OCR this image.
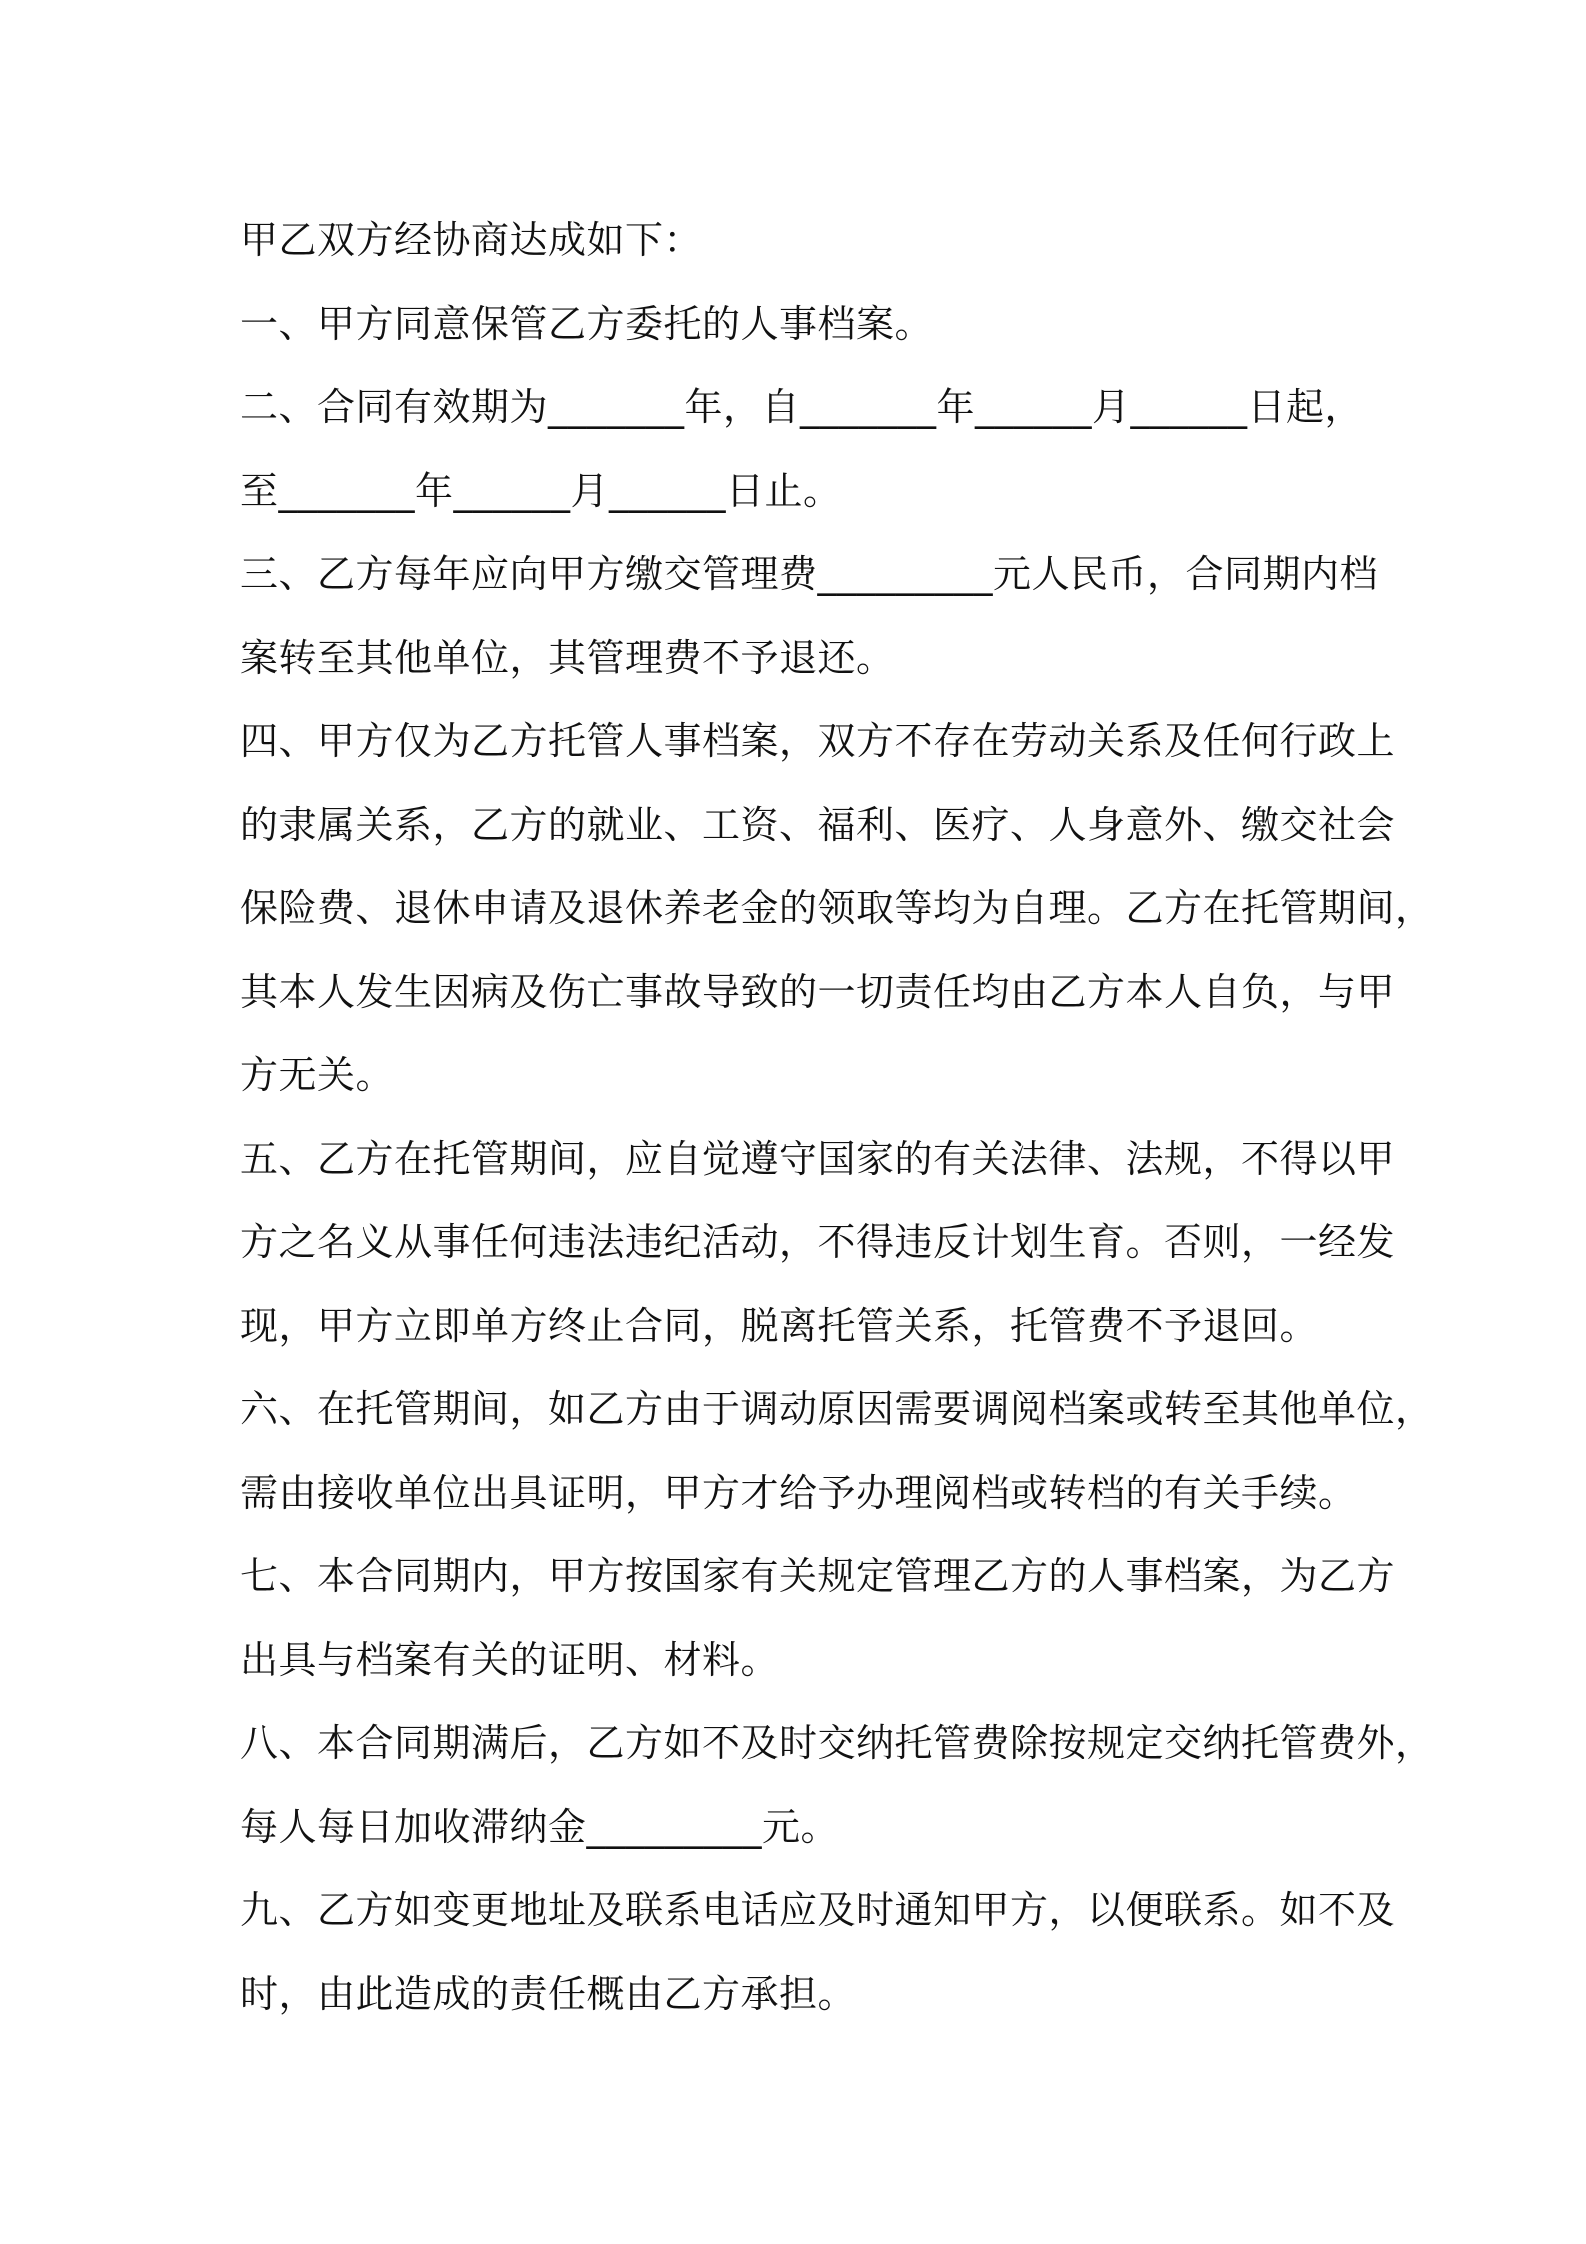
甲乙双方经协商达成如下：
一、甲方同意保管乙方委托的人事档案。
二、合同有效期为_______年，自_______年______月______日起，
至_______年______月______日止。
三、乙方每年应向甲方缴交管理费_________元人民币，合同期内档
案转至其他单位，其管理费不予退还。
四、甲方仅为乙方托管人事档案，双方不存在劳动关系及任何行政上
的隶属关系，乙方的就业、工资、福利、医疗、人身意外、缴交社会
保险费、退休申请及退休养老金的领取等均为自理。乙方在托管期间，
其本人发生因病及伤亡事故导致的一切责任均由乙方本人自负，与甲
方无关。
五、乙方在托管期间，应自觉遵守国家的有关法律、法规，不得以甲
方之名义从事任何违法违纪活动，不得违反计划生育。否则，一经发
现，甲方立即单方终止合同，脱离托管关系，托管费不予退回。
六、在托管期间，如乙方由于调动原因需要调阅档案或转至其他单位，
需由接收单位出具证明，甲方才给予办理阅档或转档的有关手续。
七、本合同期内，甲方按国家有关规定管理乙方的人事档案，为乙方
出具与档案有关的证明、材料。
八、本合同期满后，乙方如不及时交纳托管费除按规定交纳托管费外，
每人每日加收滞纳金_________元。
九、乙方如变更地址及联系电话应及时通知甲方，以便联系。如不及
时，由此造成的责任概由乙方承担。
